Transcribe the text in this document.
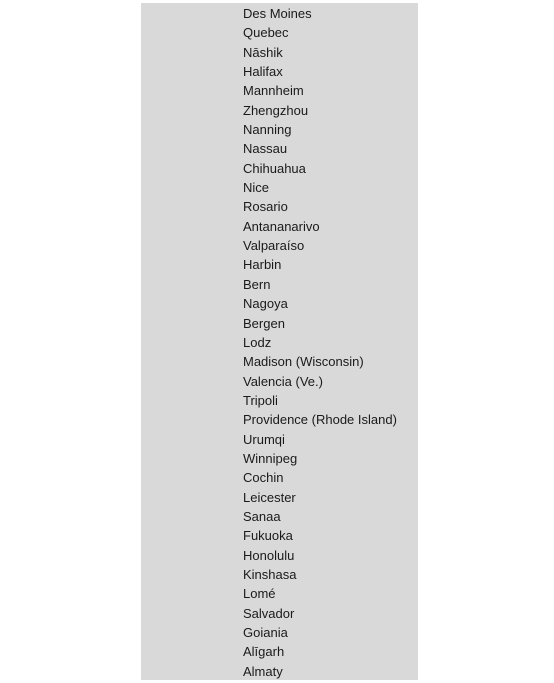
Des Moines
Quebec
Nāshik
Halifax
Mannheim
Zhengzhou
Nanning
Nassau
Chihuahua
Nice
Rosario
Antananarivo
Valparaíso
Harbin
Bern
Nagoya
Bergen
Lodz
Madison (Wisconsin)
Valencia (Ve.)
Tripoli
Providence (Rhode Island)
Urumqi
Winnipeg
Cochin
Leicester
Sanaa
Fukuoka
Honolulu
Kinshasa
Lomé
Salvador
Goiania
Alīgarh
Almaty
